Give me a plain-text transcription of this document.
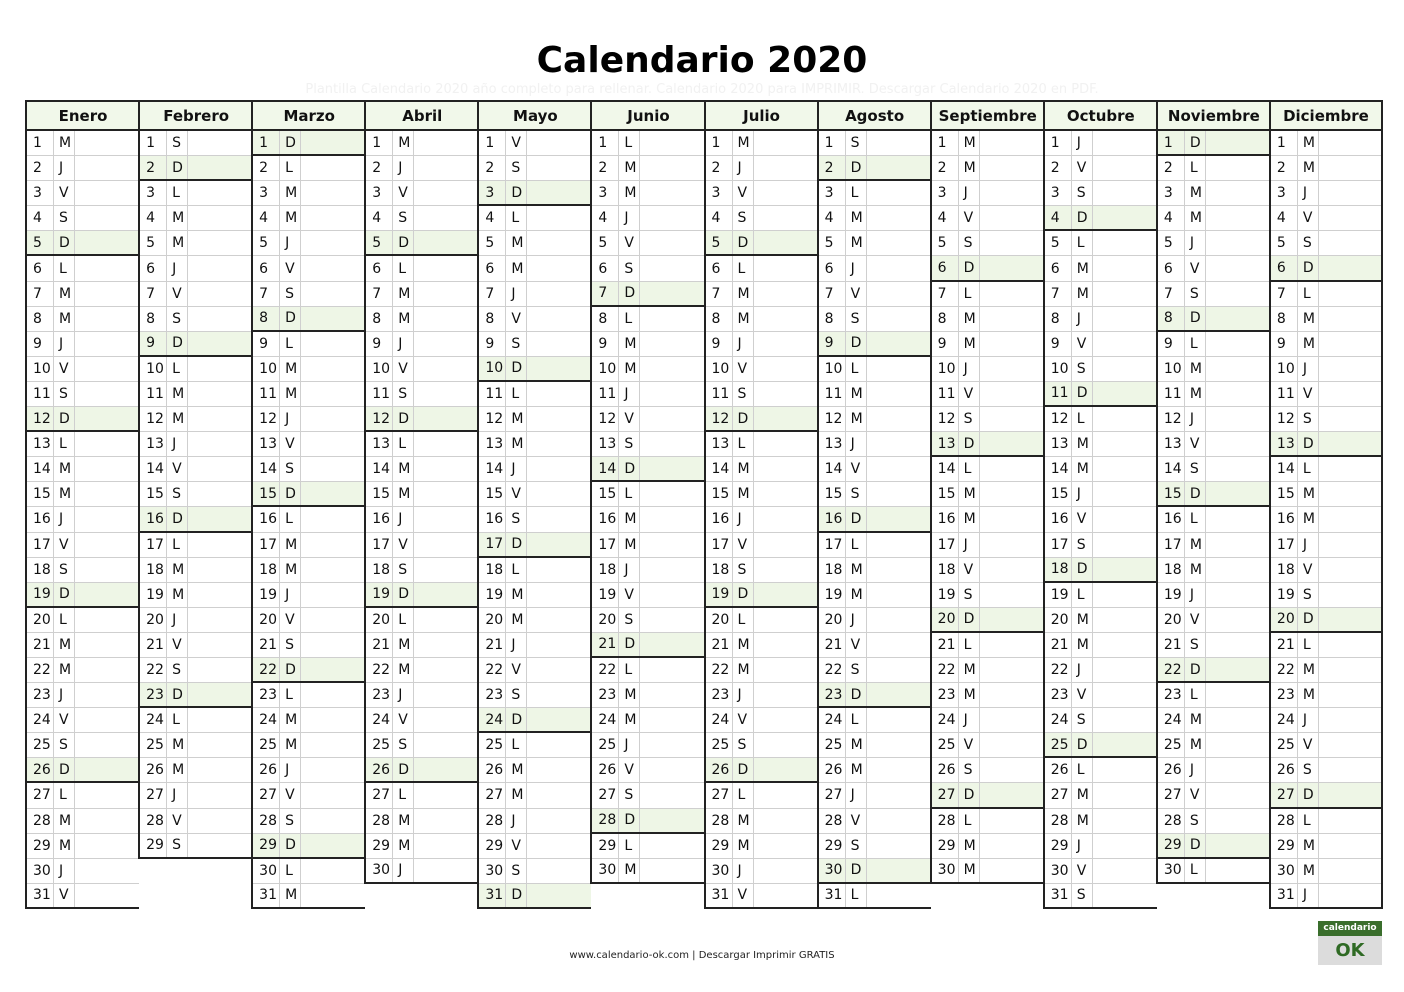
Calendario 2020
Plantilla Calendario 2020 año completo para rellenar. Calendario 2020 para IMPRIMIR. Descargar Calendario 2020 en PDF.
Enero
1	M
2	J
3	V
4	S
5	D
6	L
7	M
8	M
9	J
10 V
11 S
12 D
13 L
14 M
15 M
16 J
17 V
18 S
19 D
20 L
21 M
22 M
23 J
24 V
25 S
26 D
27 L
28 M
29 M
30 J
31 V
Febrero
1	S
2	D
3	L
4	M
5	M
6	J
7	V
8	S
9	D
10 L
11 M
12 M
13 J
14 V
15 S
16 D
17 L
18 M
19 M
20 J
21 V
22 S
23 D
24 L
25 M
26 M
27 J
28 V
29 S
Marzo
1	D
2	L
3	M
4	M
5	J
6	V
7	S
8	D
9	L
10 M
11 M
12 J
13 V
14 S
15 D
16 L
17 M
18 M
19 J
20 V
21 S
22 D
23 L
24 M
25 M
26 J
27 V
28 S
29 D
30 L
31 M
Abril
1	M
2	J
3	V
4	S
5	D
6	L
7	M
8	M
9	J
10 V
11 S
12 D
13 L
14 M
15 M
16 J
17 V
18 S
19 D
20 L
21 M
22 M
23 J
24 V
25 S
26 D
27 L
28 M
29 M
30 J
Mayo
1	V
2	S
3	D
4	L
5	M
6	M
7	J
8	V
9	S
10 D
11 L
12 M
13 M
14 J
15 V
16 S
17 D
18 L
19 M
20 M
21 J
22 V
23 S
24 D
25 L
26 M
27 M
28 J
29 V
30 S
31 D
Junio
1	L
2	M
3	M
4	J
5	V
6	S
7	D
8	L
9	M
10 M
11 J
12 V
13 S
14 D
15 L
16 M
17 M
18 J
19 V
20 S
21 D
22 L
23 M
24 M
25 J
26 V
27 S
28 D
29 L
30 M
Julio
1	M
2	J
3	V
4	S
5	D
6	L
7	M
8	M
9	J
10 V
11 S
12 D
13 L
14 M
15 M
16 J
17 V
18 S
19 D
20 L
21 M
22 M
23 J
24 V
25 S
26 D
27 L
28 M
29 M
30 J
31 V
Agosto
1	S
2	D
3	L
4	M
5	M
6	J
7	V
8	S
9	D
10 L
11 M
12 M
13 J
14 V
15 S
16 D
17 L
18 M
19 M
20 J
21 V
22 S
23 D
24 L
25 M
26 M
27 J
28 V
29 S
30 D
31 L
Septiembre
1	M
2	M
3	J
4	V
5	S
6	D
7	L
8	M
9	M
10 J
11 V
12 S
13 D
14 L
15 M
16 M
17 J
18 V
19 S
20 D
21 L
22 M
23 M
24 J
25 V
26 S
27 D
28 L
29 M
30 M
Octubre
1	J
2	V
3	S
4	D
5	L
6	M
7	M
8	J
9	V
10 S
11 D
12 L
13 M
14 M
15 J
16 V
17 S
18 D
19 L
20 M
21 M
22 J
23 V
24 S
25 D
26 L
27 M
28 M
29 J
30 V
31 S
Noviembre
1	D
2	L
3	M
4	M
5	J
6	V
7	S
8	D
9	L
10 M
11 M
12 J
13 V
14 S
15 D
16 L
17 M
18 M
19 J
20 V
21 S
22 D
23 L
24 M
25 M
26 J
27 V
28 S
29 D
30 L
Diciembre
1	M
2	M
3	J
4	V
5	S
6	D
7	L
8	M
9	M
10 J
11 V
12 S
13 D
14 L
15 M
16 M
17 J
18 V
19 S
20 D
21 L
22 M
23 M
24 J
25 V
26 S
27 D
28 L
29 M
30 M
31 J
www.calendario-ok.com | Descargar Imprimir GRATIS
calendario
OK
